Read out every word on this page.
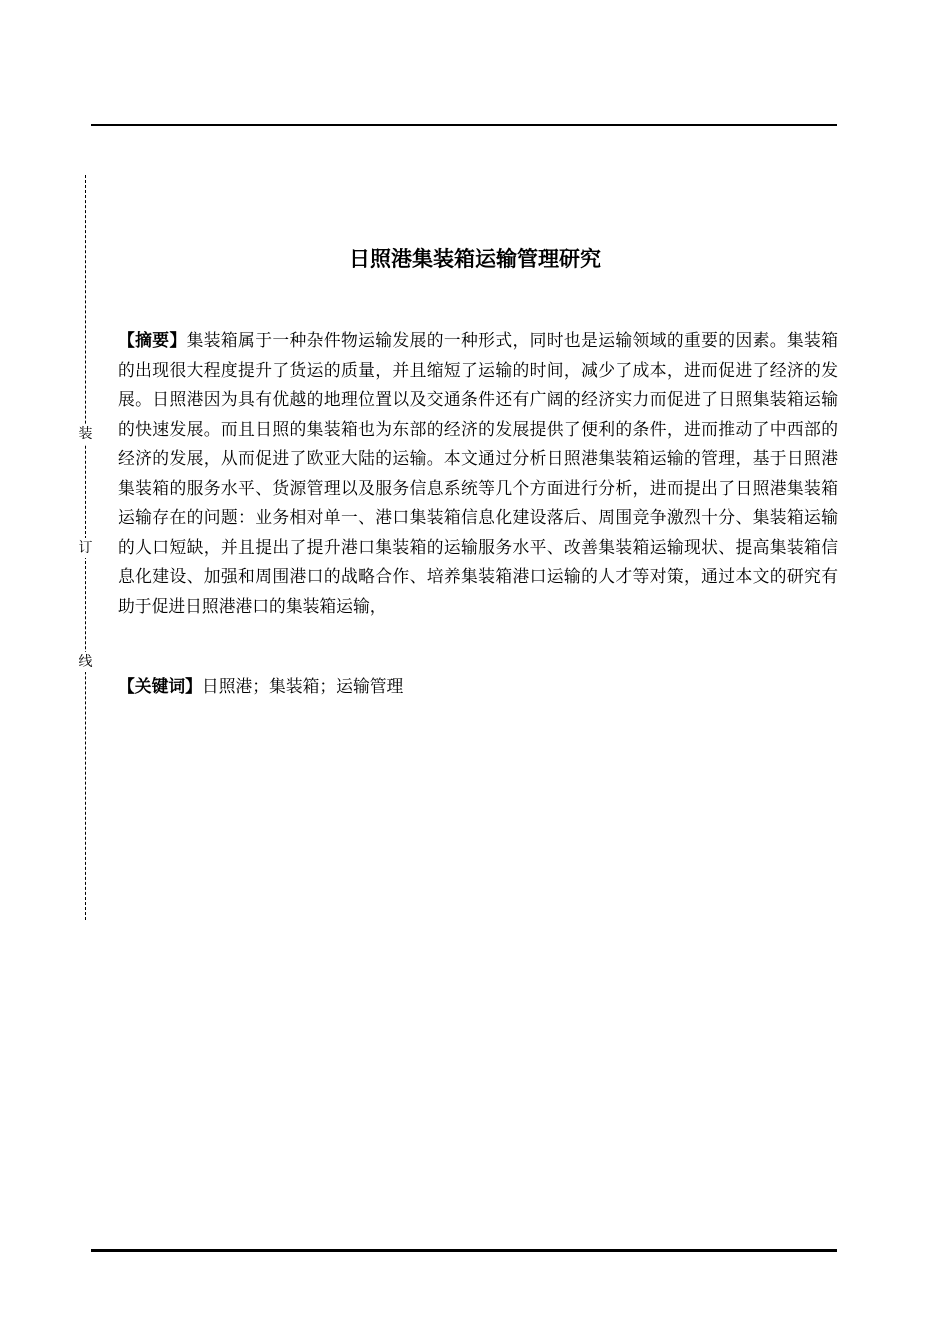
装
订
线
日照港集装箱运输管理研究

【摘要】集装箱属于一种杂件物运输发展的一种形式，同时也是运输领域的重要的因素。集装箱的出现很大程度提升了货运的质量，并且缩短了运输的时间，减少了成本，进而促进了经济的发展。日照港因为具有优越的地理位置以及交通条件还有广阔的经济实力而促进了日照集装箱运输的快速发展。而且日照的集装箱也为东部的经济的发展提供了便利的条件，进而推动了中西部的经济的发展，从而促进了欧亚大陆的运输。本文通过分析日照港集装箱运输的管理，基于日照港集装箱的服务水平、货源管理以及服务信息系统等几个方面进行分析，进而提出了日照港集装箱运输存在的问题：业务相对单一、港口集装箱信息化建设落后、周围竞争激烈十分、集装箱运输的人口短缺，并且提出了提升港口集装箱的运输服务水平、改善集装箱运输现状、提高集装箱信息化建设、加强和周围港口的战略合作、培养集装箱港口运输的人才等对策，通过本文的研究有助于促进日照港港口的集装箱运输，

【关键词】日照港；集装箱；运输管理
